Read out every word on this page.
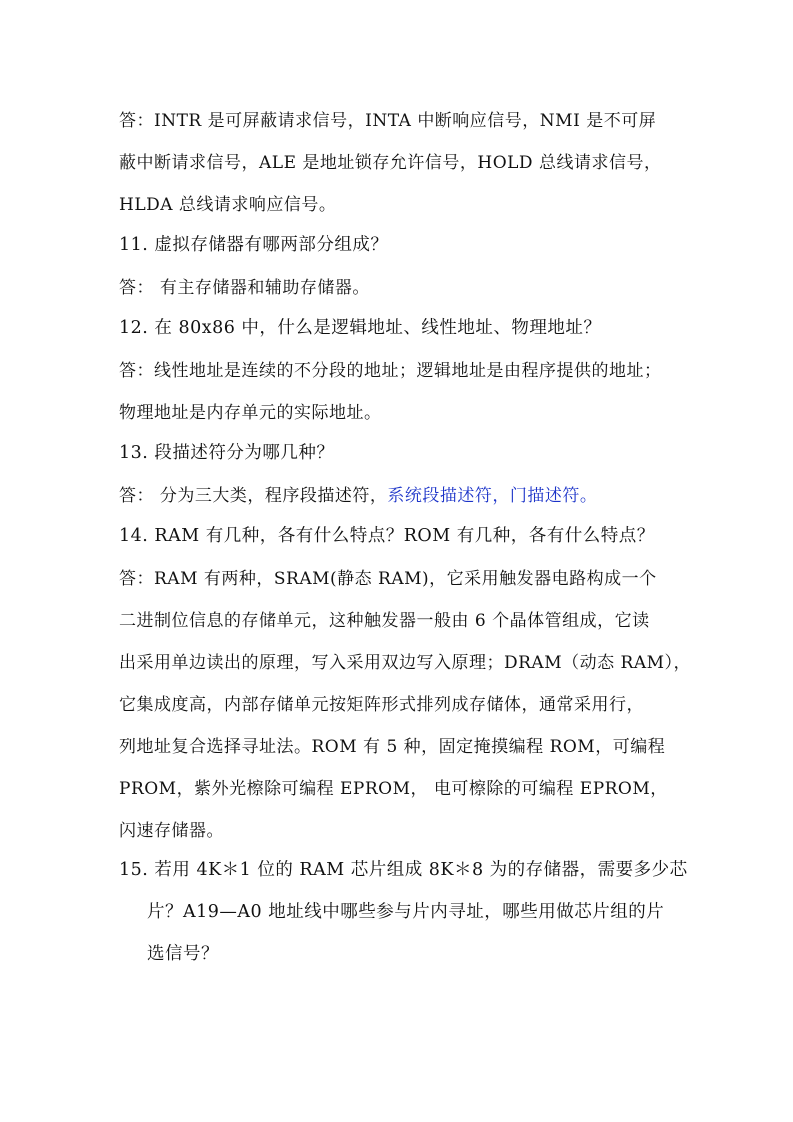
答：INTR 是可屏蔽请求信号，INTA 中断响应信号，NMI 是不可屏
蔽中断请求信号，ALE 是地址锁存允许信号，HOLD 总线请求信号，
HLDA 总线请求响应信号。
11. 虚拟存储器有哪两部分组成？
答： 有主存储器和辅助存储器。
12. 在 80x86 中，什么是逻辑地址、线性地址、物理地址？
答：线性地址是连续的不分段的地址；逻辑地址是由程序提供的地址；
物理地址是内存单元的实际地址。
13. 段描述符分为哪几种？
答： 分为三大类，程序段描述符，系统段描述符，门描述符。
14. RAM 有几种，各有什么特点？ROM 有几种，各有什么特点？
答：RAM 有两种，SRAM(静态 RAM)，它采用触发器电路构成一个
二进制位信息的存储单元，这种触发器一般由 6 个晶体管组成，它读
出采用单边读出的原理，写入采用双边写入原理；DRAM（动态 RAM），
它集成度高，内部存储单元按矩阵形式排列成存储体，通常采用行，
列地址复合选择寻址法。ROM 有 5 种，固定掩摸编程 ROM，可编程
PROM，紫外光檫除可编程 EPROM， 电可檫除的可编程 EPROM，
闪速存储器。
15. 若用 4K＊1 位的 RAM 芯片组成 8K＊8 为的存储器，需要多少芯
片？A19—A0 地址线中哪些参与片内寻址，哪些用做芯片组的片
选信号？
